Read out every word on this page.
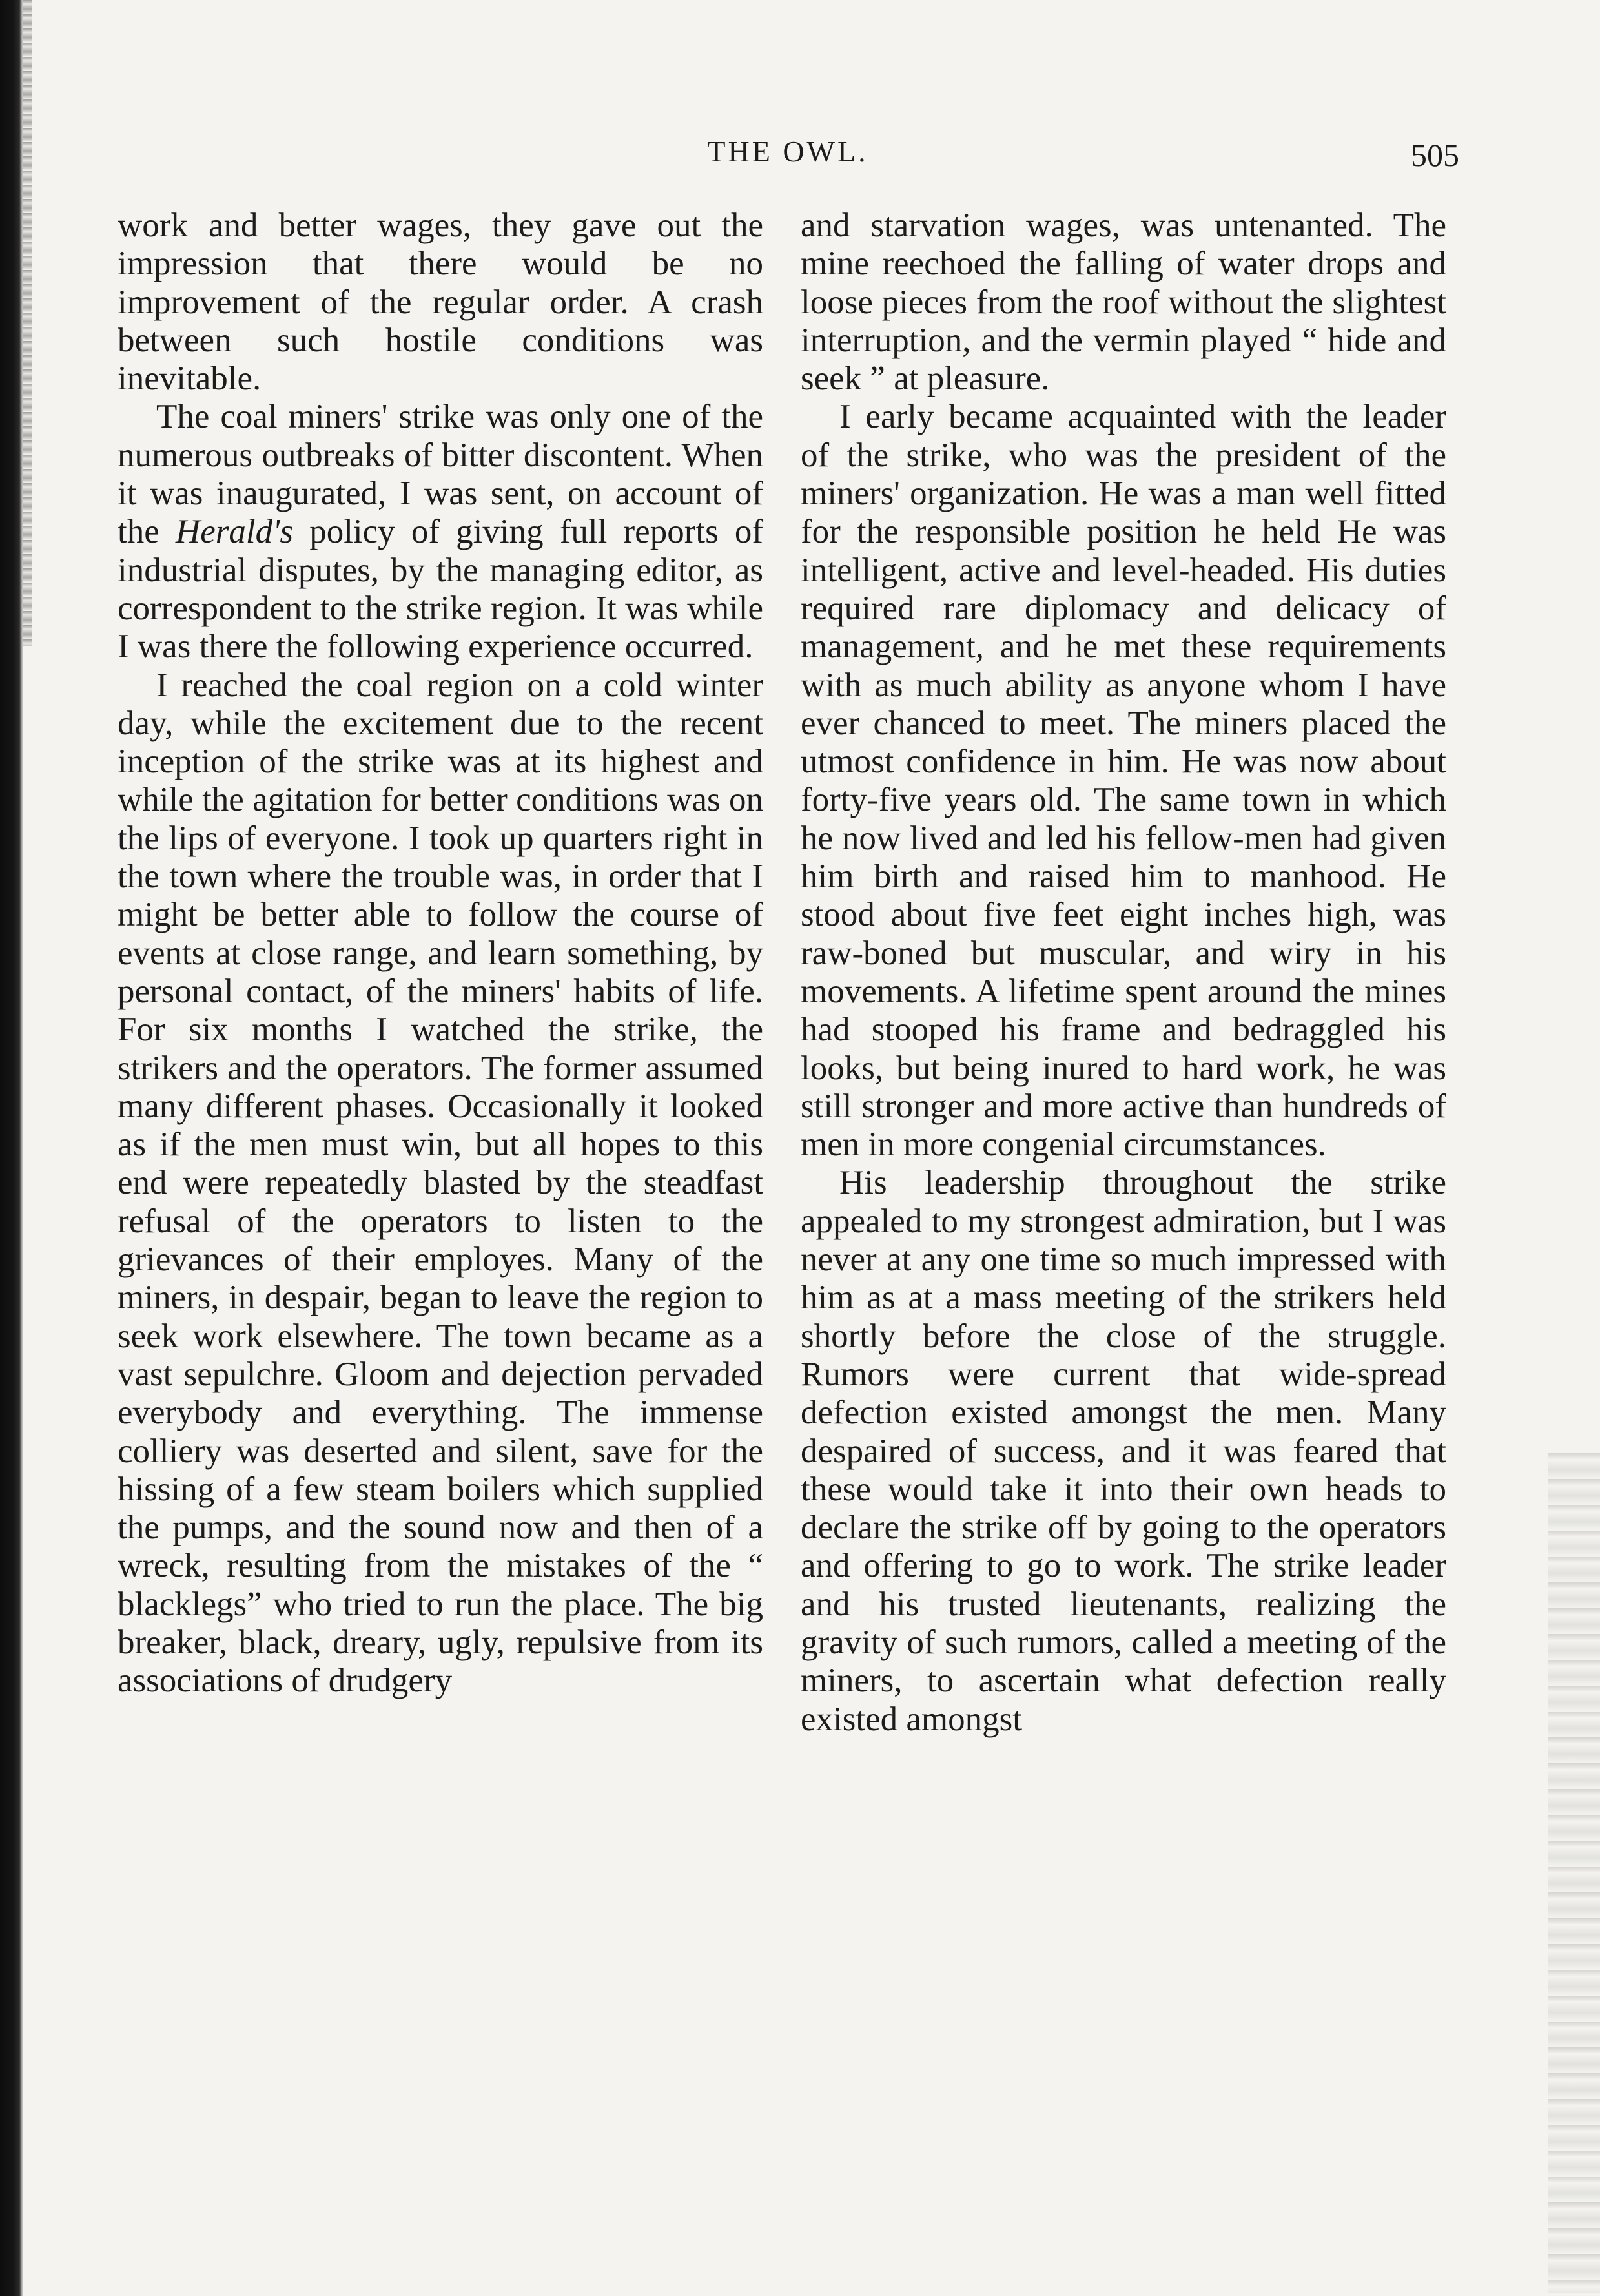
THE OWL.	505

work and better wages, they gave out the impression that there would be no improvement of the regular order. A crash between such hostile conditions was inevitable.

The coal miners' strike was only one of the numerous outbreaks of bitter discontent. When it was inaugurated, I was sent, on account of the Herald's policy of giving full reports of industrial disputes, by the managing editor, as correspondent to the strike region. It was while I was there the following experience occurred.

I reached the coal region on a cold winter day, while the excitement due to the recent inception of the strike was at its highest and while the agitation for better conditions was on the lips of everyone. I took up quarters right in the town where the trouble was, in order that I might be better able to follow the course of events at close range, and learn something, by personal contact, of the miners' habits of life. For six months I watched the strike, the strikers and the operators. The former assumed many different phases. Occasionally it looked as if the men must win, but all hopes to this end were repeatedly blasted by the steadfast refusal of the operators to listen to the grievances of their employes. Many of the miners, in despair, began to leave the region to seek work elsewhere. The town became as a vast sepulchre. Gloom and dejection pervaded everybody and everything. The immense colliery was deserted and silent, save for the hissing of a few steam boilers which supplied the pumps, and the sound now and then of a wreck, resulting from the mistakes of the “ blacklegs” who tried to run the place. The big breaker, black, dreary, ugly, repulsive from its associations of drudgery

and starvation wages, was untenanted. The mine reechoed the falling of water drops and loose pieces from the roof without the slightest interruption, and the vermin played “ hide and seek ” at pleasure.

I early became acquainted with the leader of the strike, who was the president of the miners' organization. He was a man well fitted for the responsible position he held He was intelligent, active and level-headed. His duties required rare diplomacy and delicacy of management, and he met these requirements with as much ability as anyone whom I have ever chanced to meet. The miners placed the utmost confidence in him. He was now about forty-five years old. The same town in which he now lived and led his fellow-men had given him birth and raised him to manhood. He stood about five feet eight inches high, was raw-boned but muscular, and wiry in his movements. A lifetime spent around the mines had stooped his frame and bedraggled his looks, but being inured to hard work, he was still stronger and more active than hundreds of men in more congenial circumstances.

His leadership throughout the strike appealed to my strongest admiration, but I was never at any one time so much impressed with him as at a mass meeting of the strikers held shortly before the close of the struggle. Rumors were current that wide-spread defection existed amongst the men. Many despaired of success, and it was feared that these would take it into their own heads to declare the strike off by going to the operators and offering to go to work. The strike leader and his trusted lieutenants, realizing the gravity of such rumors, called a meeting of the miners, to ascertain what defection really existed amongst
